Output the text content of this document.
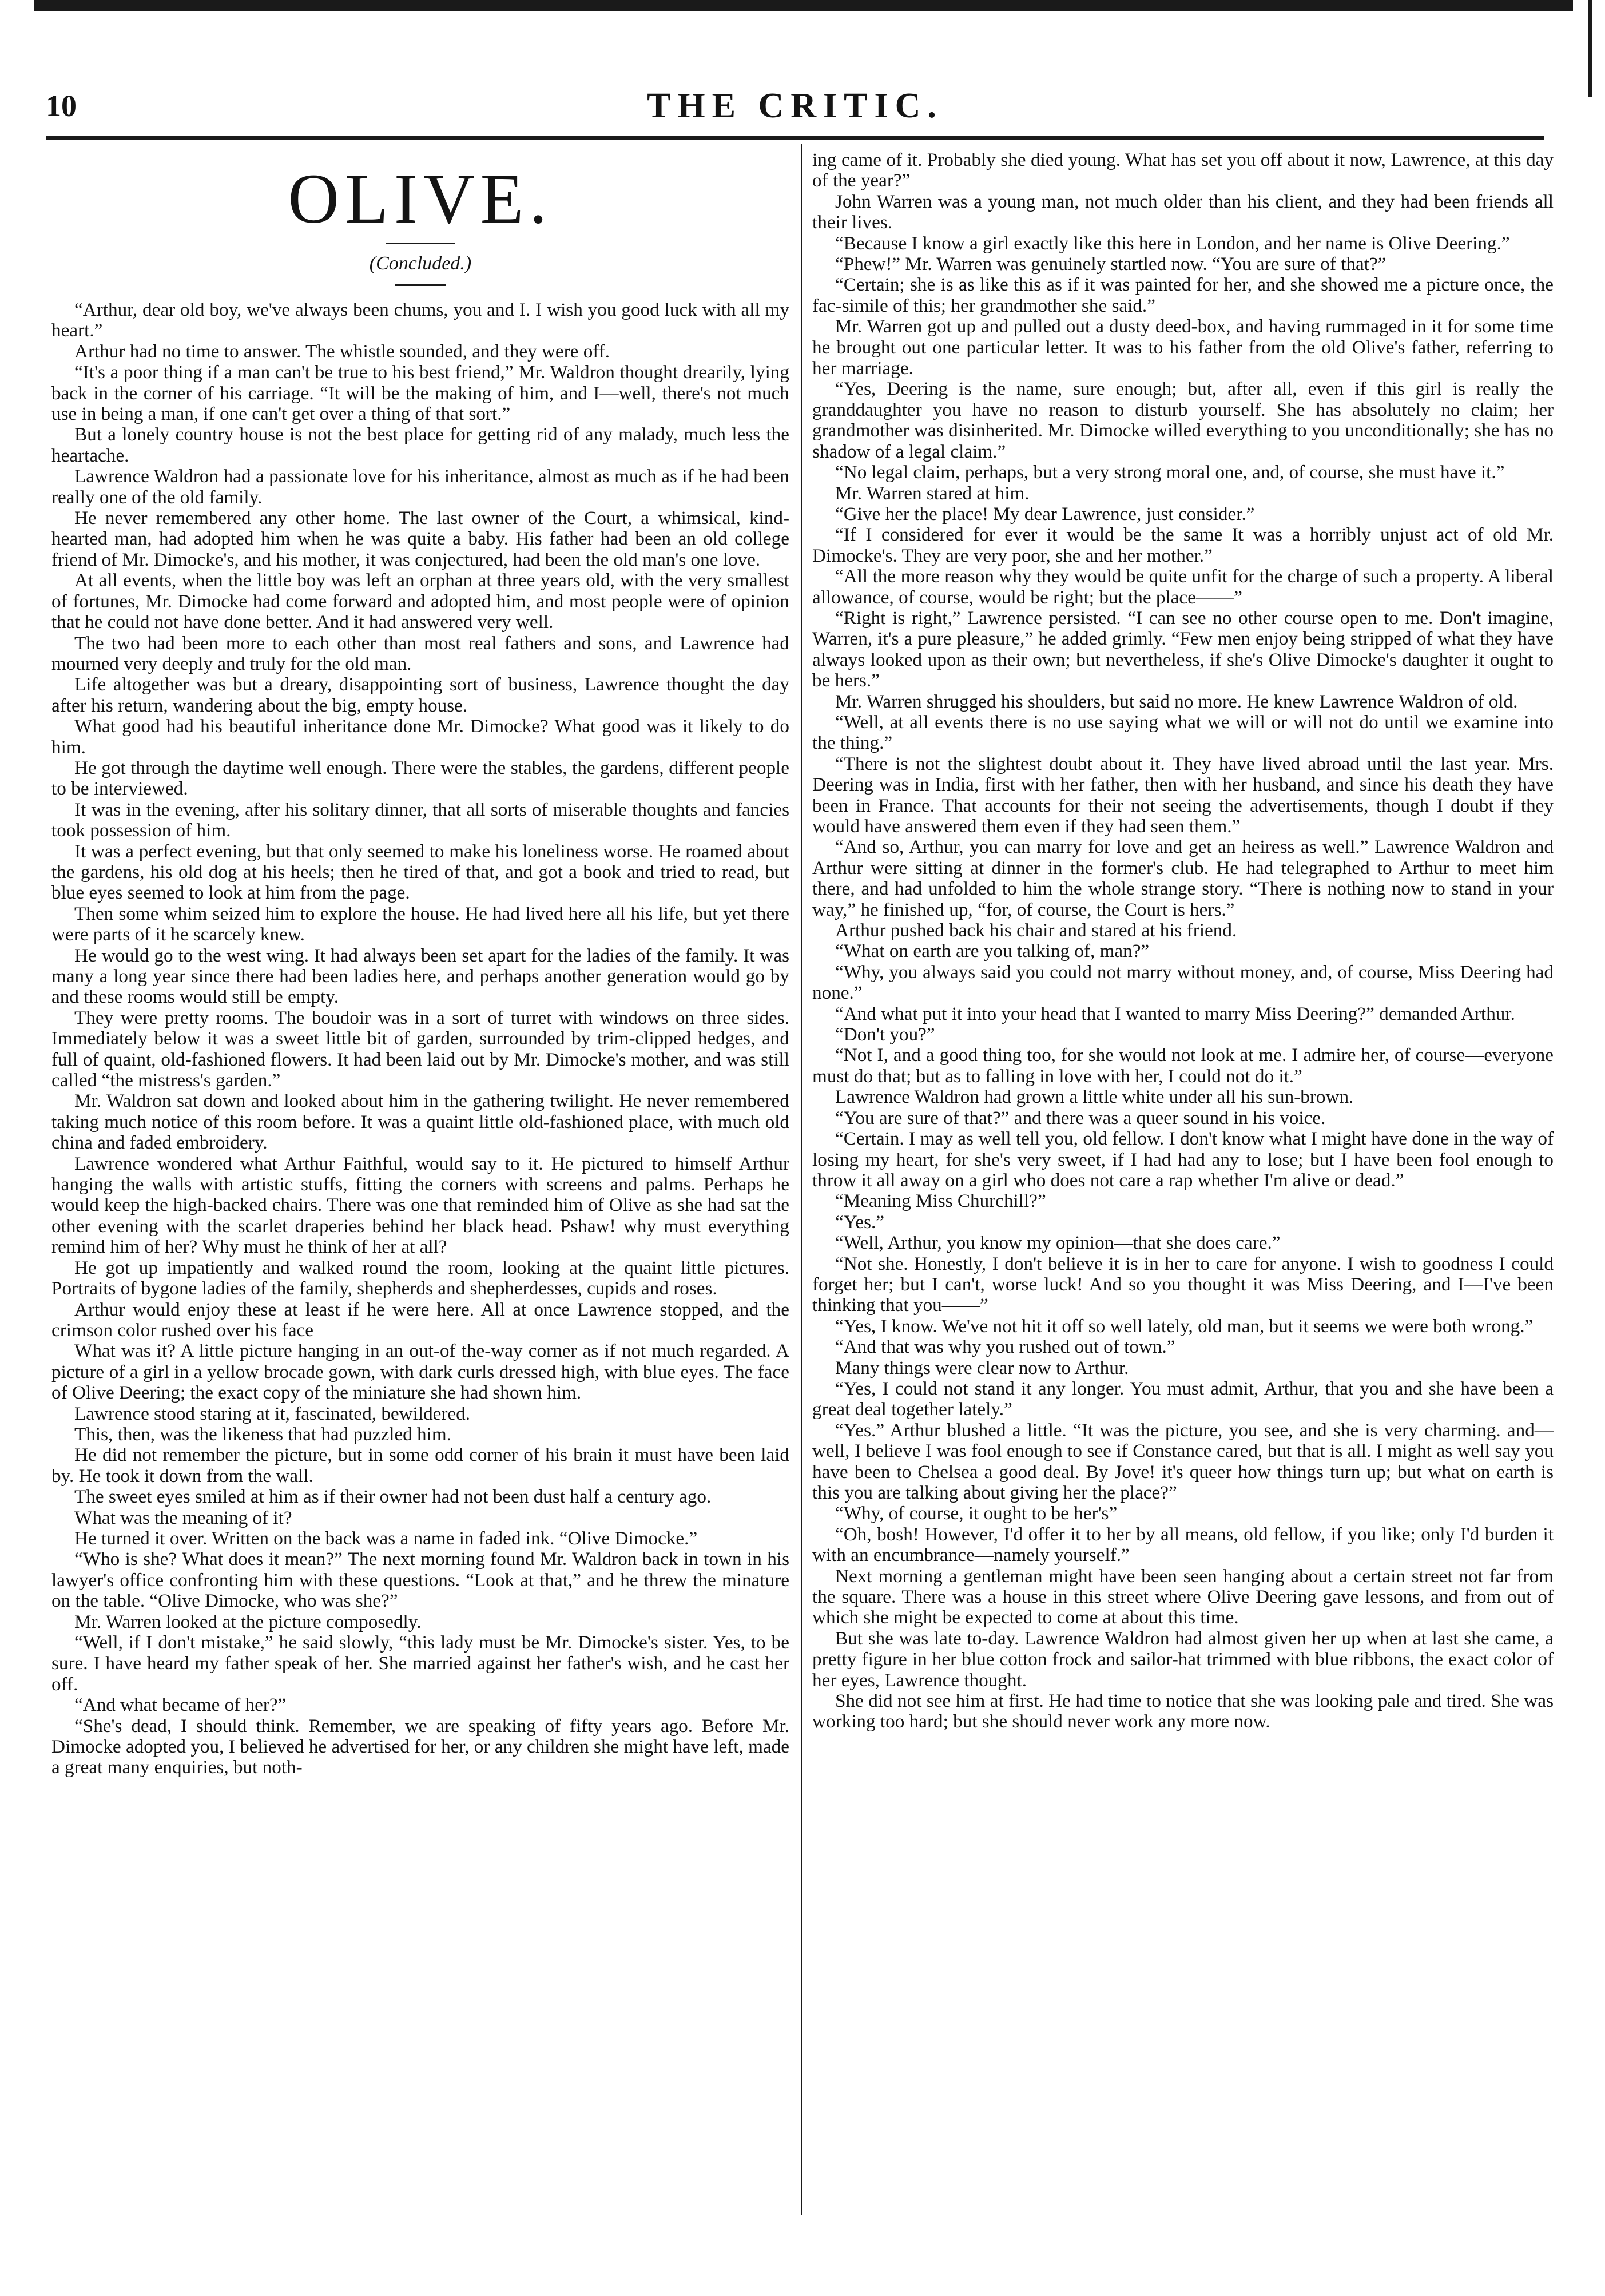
10	THE CRITIC.
OLIVE.
(Concluded.)

“Arthur, dear old boy, we've always been chums, you and I. I wish you good luck with all my heart.”

Arthur had no time to answer. The whistle sounded, and they were off.

“It's a poor thing if a man can't be true to his best friend,” Mr. Waldron thought drearily, lying back in the corner of his carriage. “It will be the making of him, and I—well, there's not much use in being a man, if one can't get over a thing of that sort.”

But a lonely country house is not the best place for getting rid of any malady, much less the heartache.

Lawrence Waldron had a passionate love for his inheritance, almost as much as if he had been really one of the old family.

He never remembered any other home. The last owner of the Court, a whimsical, kind-hearted man, had adopted him when he was quite a baby. His father had been an old college friend of Mr. Dimocke's, and his mother, it was conjectured, had been the old man's one love.

At all events, when the little boy was left an orphan at three years old, with the very smallest of fortunes, Mr. Dimocke had come forward and adopted him, and most people were of opinion that he could not have done better. And it had answered very well.

The two had been more to each other than most real fathers and sons, and Lawrence had mourned very deeply and truly for the old man.

Life altogether was but a dreary, disappointing sort of business, Lawrence thought the day after his return, wandering about the big, empty house.

What good had his beautiful inheritance done Mr. Dimocke? What good was it likely to do him.

He got through the daytime well enough. There were the stables, the gardens, different people to be interviewed.

It was in the evening, after his solitary dinner, that all sorts of miserable thoughts and fancies took possession of him.

It was a perfect evening, but that only seemed to make his loneliness worse. He roamed about the gardens, his old dog at his heels; then he tired of that, and got a book and tried to read, but blue eyes seemed to look at him from the page.

Then some whim seized him to explore the house. He had lived here all his life, but yet there were parts of it he scarcely knew.

He would go to the west wing. It had always been set apart for the ladies of the family. It was many a long year since there had been ladies here, and perhaps another generation would go by and these rooms would still be empty.

They were pretty rooms. The boudoir was in a sort of turret with windows on three sides. Immediately below it was a sweet little bit of garden, surrounded by trim-clipped hedges, and full of quaint, old-fashioned flowers. It had been laid out by Mr. Dimocke's mother, and was still called “the mistress's garden.”

Mr. Waldron sat down and looked about him in the gathering twilight. He never remembered taking much notice of this room before. It was a quaint little old-fashioned place, with much old china and faded embroidery.

Lawrence wondered what Arthur Faithful, would say to it. He pictured to himself Arthur hanging the walls with artistic stuffs, fitting the corners with screens and palms. Perhaps he would keep the high-backed chairs. There was one that reminded him of Olive as she had sat the other evening with the scarlet draperies behind her black head. Pshaw! why must everything remind him of her? Why must he think of her at all?

He got up impatiently and walked round the room, looking at the quaint little pictures. Portraits of bygone ladies of the family, shepherds and shepherdesses, cupids and roses.

Arthur would enjoy these at least if he were here. All at once Lawrence stopped, and the crimson color rushed over his face

What was it? A little picture hanging in an out-of the-way corner as if not much regarded. A picture of a girl in a yellow brocade gown, with dark curls dressed high, with blue eyes. The face of Olive Deering; the exact copy of the miniature she had shown him.

Lawrence stood staring at it, fascinated, bewildered.

This, then, was the likeness that had puzzled him.

He did not remember the picture, but in some odd corner of his brain it must have been laid by. He took it down from the wall.

The sweet eyes smiled at him as if their owner had not been dust half a century ago.

What was the meaning of it?

He turned it over. Written on the back was a name in faded ink. “Olive Dimocke.”

“Who is she? What does it mean?” The next morning found Mr. Waldron back in town in his lawyer's office confronting him with these questions. “Look at that,” and he threw the minature on the table. “Olive Dimocke, who was she?”

Mr. Warren looked at the picture composedly.

“Well, if I don't mistake,” he said slowly, “this lady must be Mr. Dimocke's sister. Yes, to be sure. I have heard my father speak of her. She married against her father's wish, and he cast her off.

“And what became of her?”

“She's dead, I should think. Remember, we are speaking of fifty years ago. Before Mr. Dimocke adopted you, I believed he advertised for her, or any children she might have left, made a great many enquiries, but noth-

ing came of it. Probably she died young. What has set you off about it now, Lawrence, at this day of the year?”

John Warren was a young man, not much older than his client, and they had been friends all their lives.

“Because I know a girl exactly like this here in London, and her name is Olive Deering.”

“Phew!” Mr. Warren was genuinely startled now. “You are sure of that?”

“Certain; she is as like this as if it was painted for her, and she showed me a picture once, the fac-simile of this; her grandmother she said.”

Mr. Warren got up and pulled out a dusty deed-box, and having rummaged in it for some time he brought out one particular letter. It was to his father from the old Olive's father, referring to her marriage.

“Yes, Deering is the name, sure enough; but, after all, even if this girl is really the granddaughter you have no reason to disturb yourself. She has absolutely no claim; her grandmother was disinherited. Mr. Dimocke willed everything to you unconditionally; she has no shadow of a legal claim.”

“No legal claim, perhaps, but a very strong moral one, and, of course, she must have it.”

Mr. Warren stared at him.

“Give her the place! My dear Lawrence, just consider.”

“If I considered for ever it would be the same It was a horribly unjust act of old Mr. Dimocke's. They are very poor, she and her mother.”

“All the more reason why they would be quite unfit for the charge of such a property. A liberal allowance, of course, would be right; but the place——”

“Right is right,” Lawrence persisted. “I can see no other course open to me. Don't imagine, Warren, it's a pure pleasure,” he added grimly. “Few men enjoy being stripped of what they have always looked upon as their own; but nevertheless, if she's Olive Dimocke's daughter it ought to be hers.”

Mr. Warren shrugged his shoulders, but said no more. He knew Lawrence Waldron of old.

“Well, at all events there is no use saying what we will or will not do until we examine into the thing.”

“There is not the slightest doubt about it. They have lived abroad until the last year. Mrs. Deering was in India, first with her father, then with her husband, and since his death they have been in France. That accounts for their not seeing the advertisements, though I doubt if they would have answered them even if they had seen them.”

“And so, Arthur, you can marry for love and get an heiress as well.” Lawrence Waldron and Arthur were sitting at dinner in the former's club. He had telegraphed to Arthur to meet him there, and had unfolded to him the whole strange story. “There is nothing now to stand in your way,” he finished up, “for, of course, the Court is hers.”

Arthur pushed back his chair and stared at his friend.

“What on earth are you talking of, man?”

“Why, you always said you could not marry without money, and, of course, Miss Deering had none.”

“And what put it into your head that I wanted to marry Miss Deering?” demanded Arthur.

“Don't you?”

“Not I, and a good thing too, for she would not look at me. I admire her, of course—everyone must do that; but as to falling in love with her, I could not do it.”

Lawrence Waldron had grown a little white under all his sun-brown.

“You are sure of that?” and there was a queer sound in his voice.

“Certain. I may as well tell you, old fellow. I don't know what I might have done in the way of losing my heart, for she's very sweet, if I had had any to lose; but I have been fool enough to throw it all away on a girl who does not care a rap whether I'm alive or dead.”

“Meaning Miss Churchill?”

“Yes.”

“Well, Arthur, you know my opinion—that she does care.”

“Not she. Honestly, I don't believe it is in her to care for anyone. I wish to goodness I could forget her; but I can't, worse luck! And so you thought it was Miss Deering, and I—I've been thinking that you——”

“Yes, I know. We've not hit it off so well lately, old man, but it seems we were both wrong.”

“And that was why you rushed out of town.”

Many things were clear now to Arthur.

“Yes, I could not stand it any longer. You must admit, Arthur, that you and she have been a great deal together lately.”

“Yes.” Arthur blushed a little. “It was the picture, you see, and she is very charming. and—well, I believe I was fool enough to see if Constance cared, but that is all. I might as well say you have been to Chelsea a good deal. By Jove! it's queer how things turn up; but what on earth is this you are talking about giving her the place?”

“Why, of course, it ought to be her's”

“Oh, bosh! However, I'd offer it to her by all means, old fellow, if you like; only I'd burden it with an encumbrance—namely yourself.”

Next morning a gentleman might have been seen hanging about a certain street not far from the square. There was a house in this street where Olive Deering gave lessons, and from out of which she might be expected to come at about this time.

But she was late to-day. Lawrence Waldron had almost given her up when at last she came, a pretty figure in her blue cotton frock and sailor-hat trimmed with blue ribbons, the exact color of her eyes, Lawrence thought.

She did not see him at first. He had time to notice that she was looking pale and tired. She was working too hard; but she should never work any more now.
